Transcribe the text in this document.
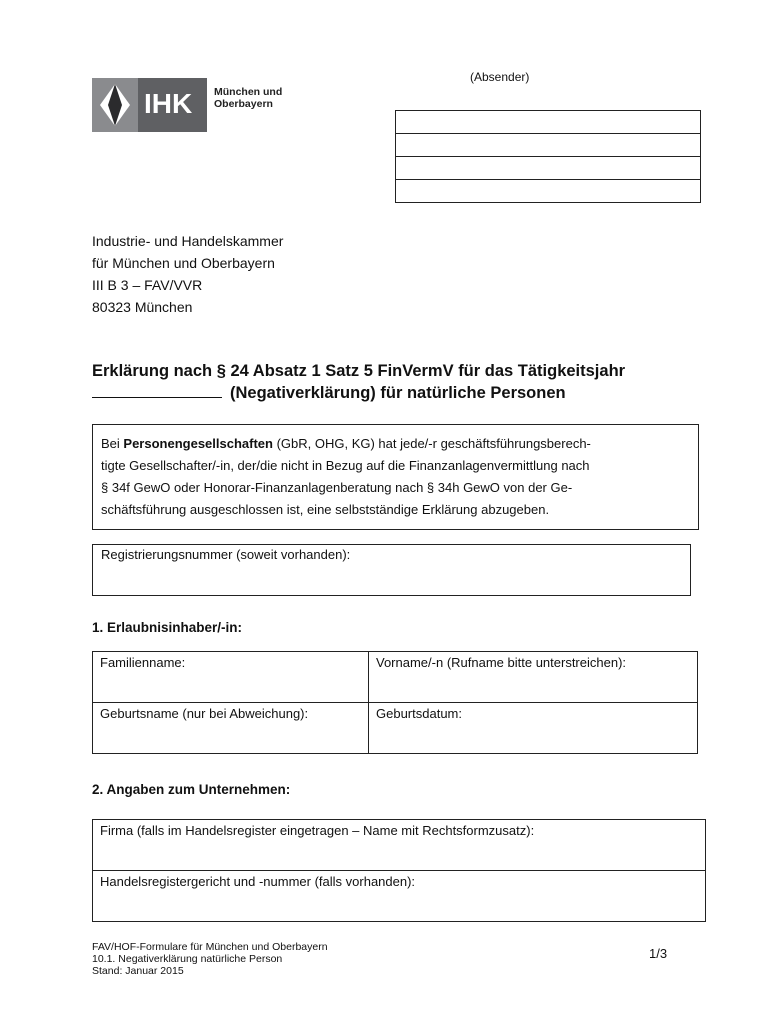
IHK München und
Oberbayern
(Absender)

Industrie- und Handelskammer
für München und Oberbayern
III B 3 – FAV/VVR
80323 München
Erklärung nach § 24 Absatz 1 Satz 5 FinVermV für das Tätigkeitsjahr
(Negativerklärung) für natürliche Personen
Bei Personengesellschaften (GbR, OHG, KG) hat jede/-r geschäftsführungsberech-
tigte Gesellschafter/-in, der/die nicht in Bezug auf die Finanzanlagenvermittlung nach
§ 34f GewO oder Honorar-Finanzanlagenberatung nach § 34h GewO von der Ge-
schäftsführung ausgeschlossen ist, eine selbstständige Erklärung abzugeben.
Registrierungsnummer (soweit vorhanden):
1. Erlaubnisinhaber/-in:
Familienname:	Vorname/-n (Rufname bitte unterstreichen):
Geburtsname (nur bei Abweichung):	Geburtsdatum:
2. Angaben zum Unternehmen:
Firma (falls im Handelsregister eingetragen – Name mit Rechtsformzusatz):
Handelsregistergericht und -nummer (falls vorhanden):
FAV/HOF-Formulare für München und Oberbayern
10.1. Negativerklärung natürliche Person
Stand: Januar 2015
1/3
